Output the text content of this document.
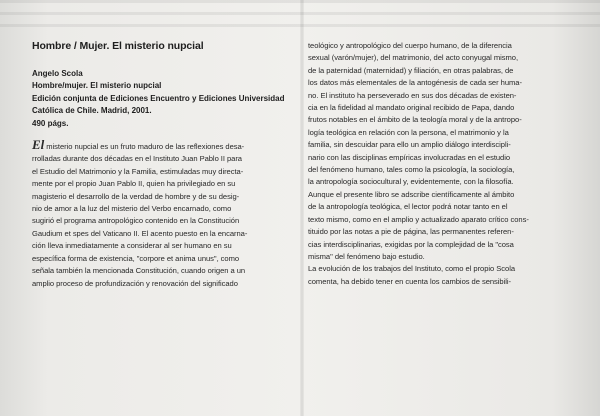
Hombre / Mujer. El misterio nupcial

Angelo Scola

Hombre/mujer. El misterio nupcial

Edición conjunta de Ediciones Encuentro y Ediciones Universidad

Católica de Chile. Madrid, 2001.

490 págs.

El misterio nupcial es un fruto maduro de las reflexiones desa-

rrolladas durante dos décadas en el Instituto Juan Pablo II para

el Estudio del Matrimonio y la Familia, estimuladas muy directa-

mente por el propio Juan Pablo II, quien ha privilegiado en su

magisterio el desarrollo de la verdad de hombre y de su desig-

nio de amor a la luz del misterio del Verbo encarnado, como

sugirió el programa antropológico contenido en la Constitución

Gaudium et spes del Vaticano II. El acento puesto en la encarna-

ción lleva inmediatamente a considerar al ser humano en su

específica forma de existencia, "corpore et anima unus", como

señala también la mencionada Constitución, cuando origen a un

amplio proceso de profundización y renovación del significado

teológico y antropológico del cuerpo humano, de la diferencia

sexual (varón/mujer), del matrimonio, del acto conyugal mismo,

de la paternidad (maternidad) y filiación, en otras palabras, de

los datos más elementales de la antogénesis de cada ser huma-

no. El instituto ha perseverado en sus dos décadas de existen-

cia en la fidelidad al mandato original recibido de Papa, dando

frutos notables en el ámbito de la teología moral y de la antropo-

logía teológica en relación con la persona, el matrimonio y la

familia, sin descuidar para ello un amplio diálogo interdiscipli-

nario con las disciplinas empíricas involucradas en el estudio

del fenómeno humano, tales como la psicología, la sociología,

la antropología sociocultural y, evidentemente, con la filosofía.

Aunque el presente libro se adscribe científicamente al ámbito

de la antropología teológica, el lector podrá notar tanto en el

texto mismo, como en el amplio y actualizado aparato crítico cons-

tituido por las notas a pie de página, las permanentes referen-

cias interdisciplinarias, exigidas por la complejidad de la "cosa

misma" del fenómeno bajo estudio.

La evolución de los trabajos del Instituto, como el propio Scola

comenta, ha debido tener en cuenta los cambios de sensibili-
